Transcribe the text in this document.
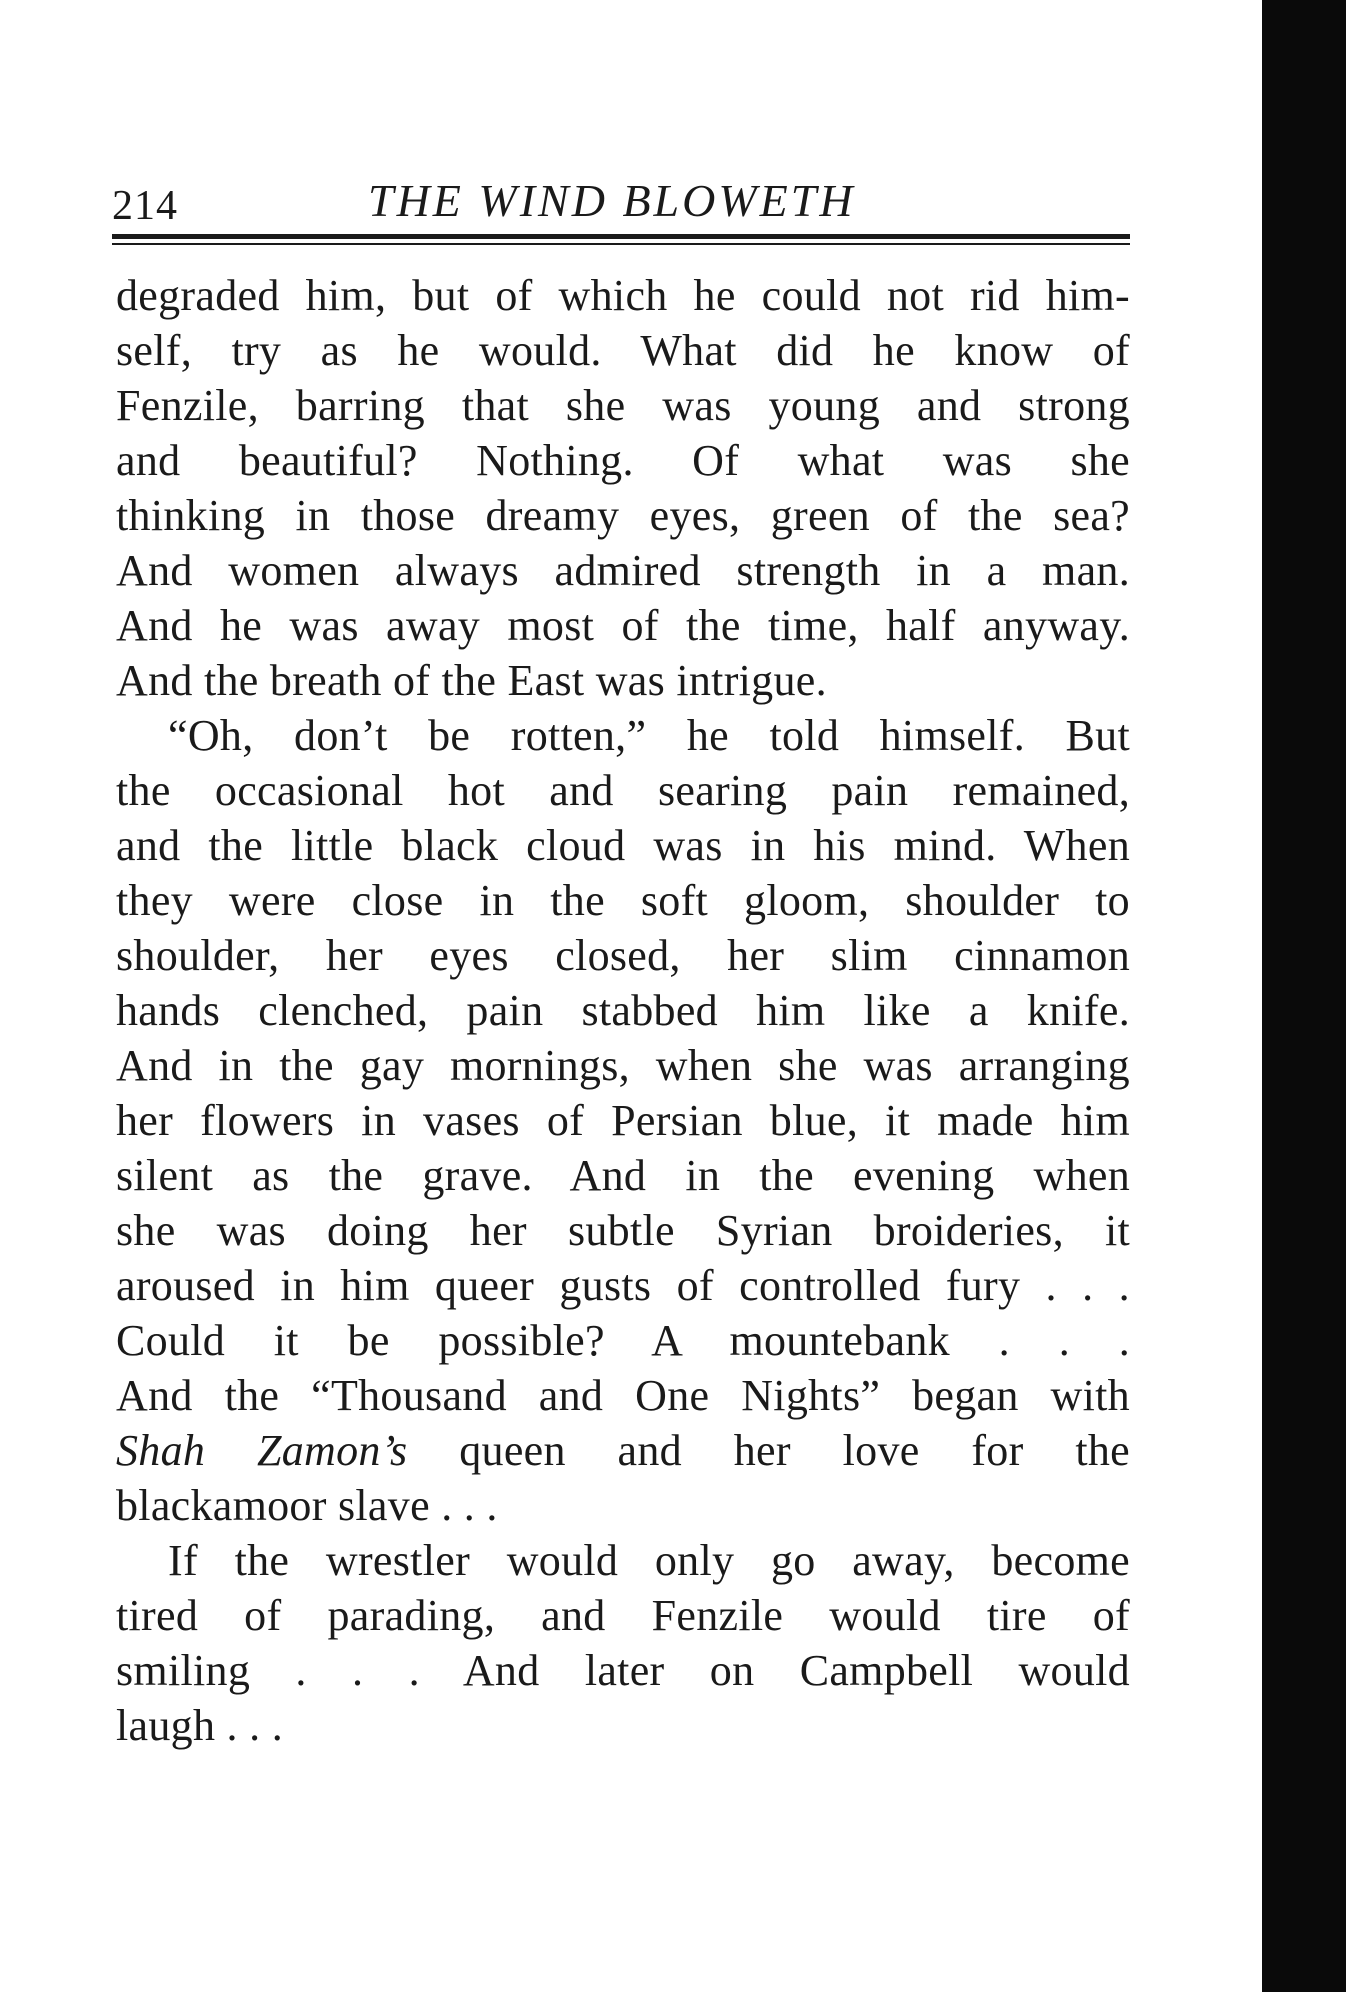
214	THE WIND BLOWETH
degraded him, but of which he could not rid him-
self, try as he would. What did he know of
Fenzile, barring that she was young and strong
and beautiful? Nothing. Of what was she
thinking in those dreamy eyes, green of the sea?
And women always admired strength in a man.
And he was away most of the time, half anyway.
And the breath of the East was intrigue.
“Oh, don’t be rotten,” he told himself. But
the occasional hot and searing pain remained,
and the little black cloud was in his mind. When
they were close in the soft gloom, shoulder to
shoulder, her eyes closed, her slim cinnamon
hands clenched, pain stabbed him like a knife.
And in the gay mornings, when she was arranging
her flowers in vases of Persian blue, it made him
silent as the grave. And in the evening when
she was doing her subtle Syrian broideries, it
aroused in him queer gusts of controlled fury . . .
Could it be possible? A mountebank . . .
And the “Thousand and One Nights” began with
Shah Zamon’s queen and her love for the
blackamoor slave . . .
If the wrestler would only go away, become
tired of parading, and Fenzile would tire of
smiling . . . And later on Campbell would
laugh . . .
